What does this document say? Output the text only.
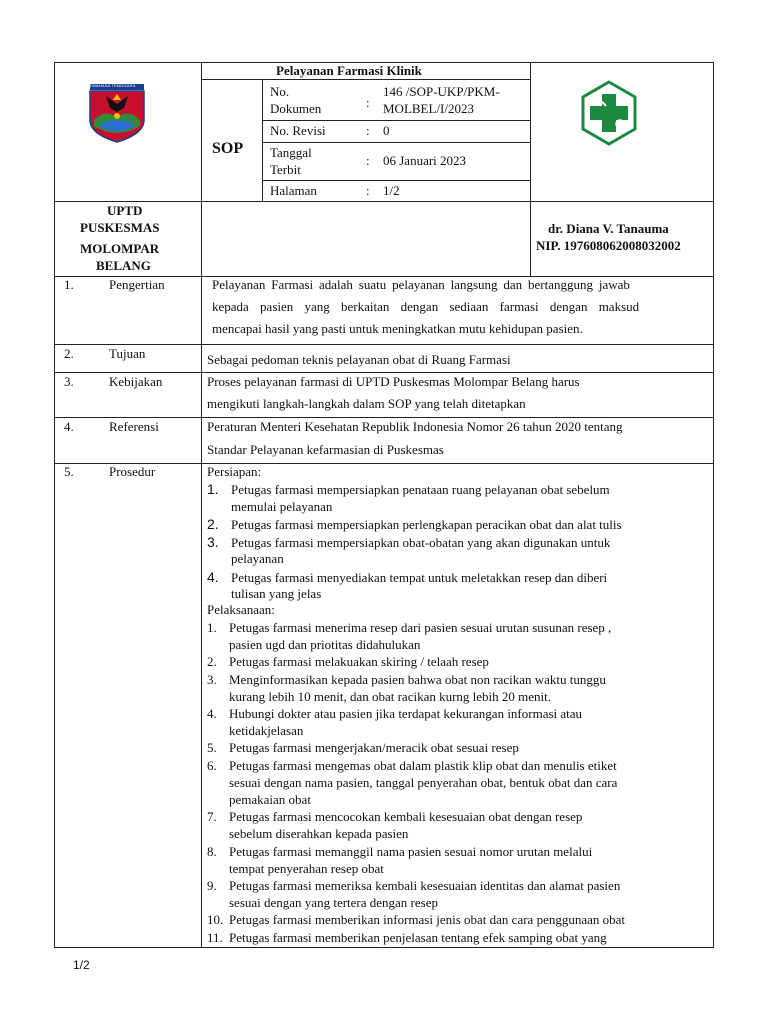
MINAHASA TENGGARA
Pelayanan Farmasi Klinik
SOP
No.
Dokumen	:
146 /SOP-UKP/PKM-
MOLBEL/I/2023
No. Revisi	: 0
Tanggal
Terbit
: 06 Januari 2023
Halaman	: 1/2
UPTD
PUSKESMAS
MOLOMPAR
BELANG
dr. Diana V. Tanauma
NIP. 197608062008032002
1.	Pengertian	Pelayanan Farmasi adalah suatu pelayanan langsung dan bertanggung jawab
kepada pasien yang berkaitan dengan sediaan farmasi dengan maksud
mencapai hasil yang pasti untuk meningkatkan mutu kehidupan pasien.
2.	Tujuan	Sebagai pedoman teknis pelayanan obat di Ruang Farmasi
3.	Kebijakan	Proses pelayanan farmasi di UPTD Puskesmas Molompar Belang harus
mengikuti langkah-langkah dalam SOP yang telah ditetapkan
4.	Referensi	Peraturan Menteri Kesehatan Republik Indonesia Nomor 26 tahun 2020 tentang
Standar Pelayanan kefarmasian di Puskesmas
5.	Prosedur	Persiapan:
1. Petugas farmasi mempersiapkan penataan ruang pelayanan obat sebelum
memulai pelayanan
2. Petugas farmasi mempersiapkan perlengkapan peracikan obat dan alat tulis
3. Petugas farmasi mempersiapkan obat-obatan yang akan digunakan untuk
pelayanan
4. Petugas farmasi menyediakan tempat untuk meletakkan resep dan diberi
tulisan yang jelas
Pelaksanaan:
1. Petugas farmasi menerima resep dari pasien sesuai urutan susunan resep ,
pasien ugd dan priotitas didahulukan
2. Petugas farmasi melakuakan skiring / telaah resep
3. Menginformasikan kepada pasien bahwa obat non racikan waktu tunggu
kurang lebih 10 menit, dan obat racikan kurng lebih 20 menit.
4. Hubungi dokter atau pasien jika terdapat kekurangan informasi atau
ketidakjelasan
5. Petugas farmasi mengerjakan/meracik obat sesuai resep
6. Petugas farmasi mengemas obat dalam plastik klip obat dan menulis etiket
sesuai dengan nama pasien, tanggal penyerahan obat, bentuk obat dan cara
pemakaian obat
7. Petugas farmasi mencocokan kembali kesesuaian obat dengan resep
sebelum diserahkan kepada pasien
8. Petugas farmasi memanggil nama pasien sesuai nomor urutan melalui
tempat penyerahan resep obat
9. Petugas farmasi memeriksa kembali kesesuaian identitas dan alamat pasien
sesuai dengan yang tertera dengan resep
10. Petugas farmasi memberikan informasi jenis obat dan cara penggunaan obat
11. Petugas farmasi memberikan penjelasan tentang efek samping obat yang
1/2
